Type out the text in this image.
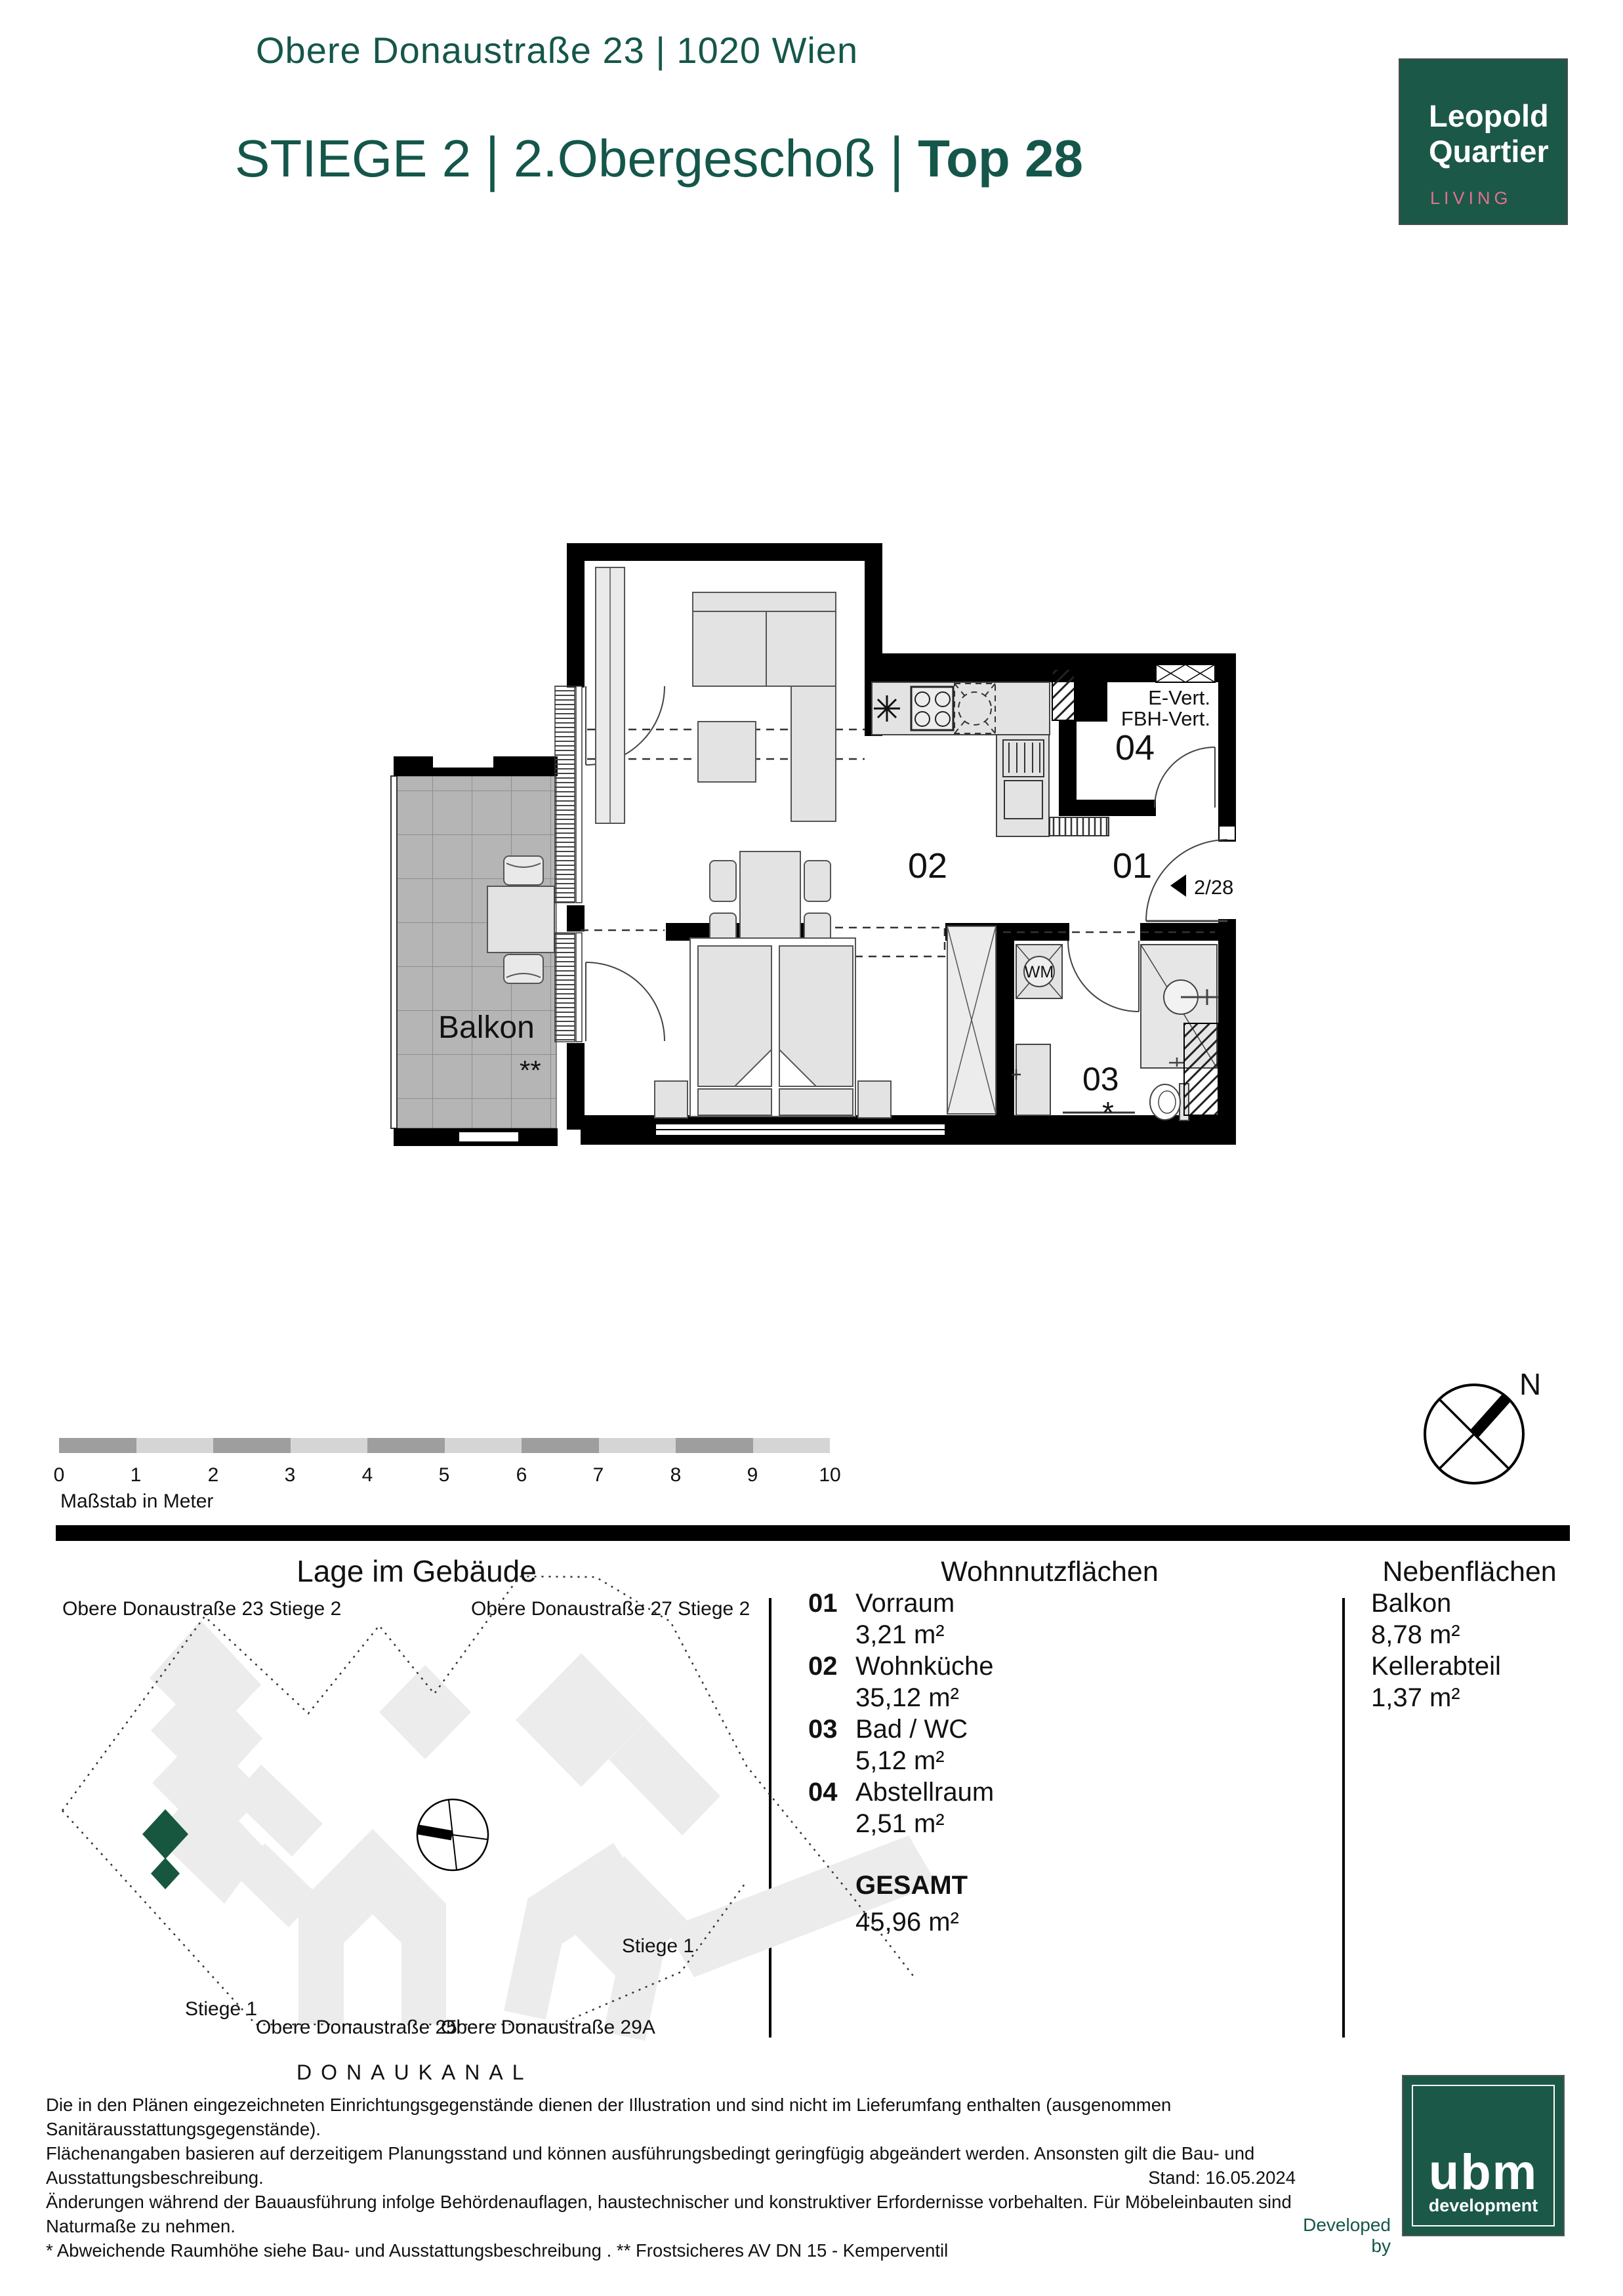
Obere Donaustraße 23 | 1020 Wien
STIEGE 2 | 2.Obergeschoß | Top 28
Leopold
Quartier
LIVING
Balkon
02	01
04
03
E-Vert.
FBH-Vert.
WM
2/28
**
*
0	1	2	3	4	5	6	7	8	9	10
Maßstab in Meter
N
Lage im Gebäude	Wohnnutzflächen	Nebenflächen
Obere Donaustraße 23 Stiege 2	Obere Donaustraße 27 Stiege 2
Stiege 1
Stiege 1
Obere Donaustraße 25
Obere Donaustraße 29A
DONAUKANAL
01 Vorraum
3,21 m²
02 Wohnküche
35,12 m²
03 Bad / WC
5,12 m²
04 Abstellraum
2,51 m²
GESAMT
45,96 m²
Balkon
8,78 m²
Kellerabteil
1,37 m²
Die in den Plänen eingezeichneten Einrichtungsgegenstände dienen der Illustration und sind nicht im Lieferumfang enthalten (ausgenommen Sanitärausstattungsgegenstände).
Flächenangaben basieren auf derzeitigem Planungsstand und können ausführungsbedingt geringfügig abgeändert werden. Ansonsten gilt die Bau- und Ausstattungsbeschreibung.
Änderungen während der Bauausführung infolge Behördenauflagen, haustechnischer und konstruktiver Erfordernisse vorbehalten. Für Möbeleinbauten sind Naturmaße zu nehmen.
* Abweichende Raumhöhe siehe Bau- und Ausstattungsbeschreibung . ** Frostsicheres AV DN 15 - Kemperventil
Stand: 16.05.2024
Developed by
ubm
development
